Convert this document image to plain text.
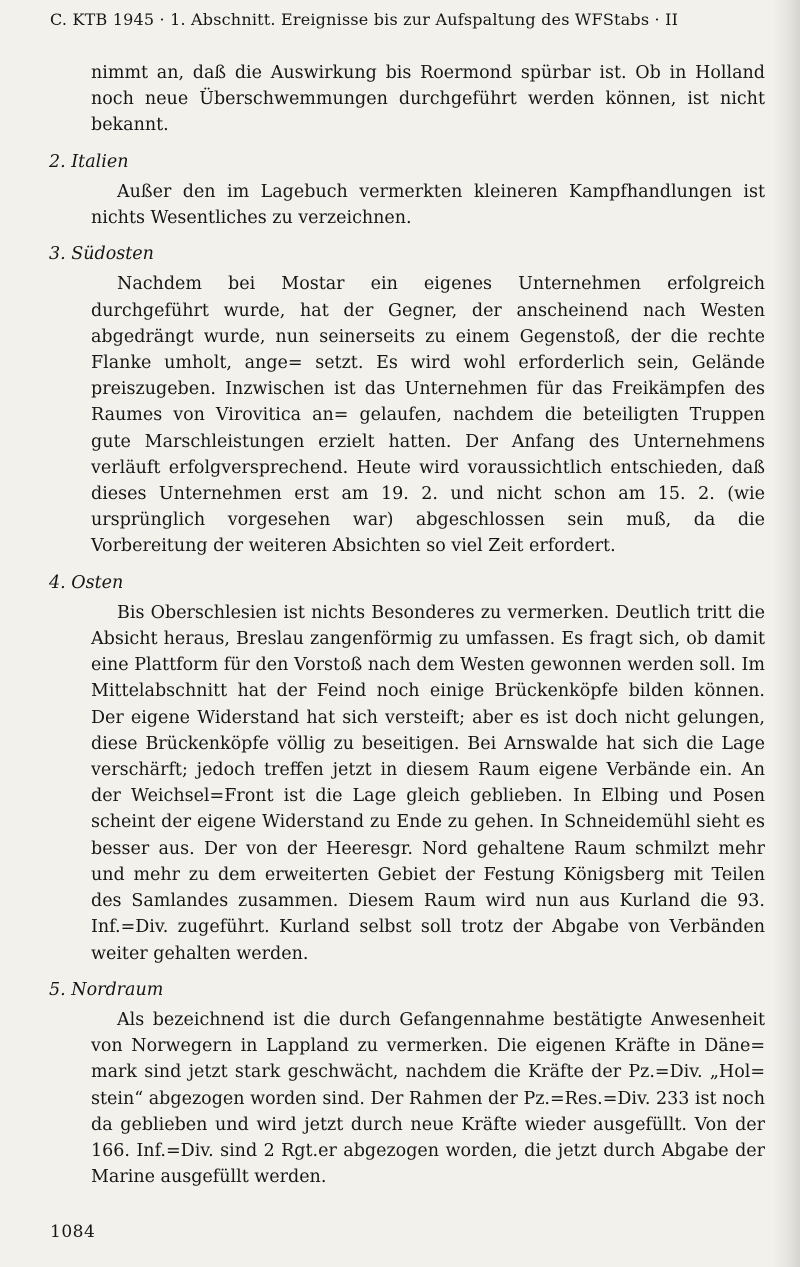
C. KTB 1945 · 1. Abschnitt. Ereignisse bis zur Aufspaltung des WFStabs · II

nimmt an, daß die Auswirkung bis Roermond spürbar ist. Ob in Holland noch neue Überschwemmungen durchgeführt werden können, ist nicht bekannt.

2. Italien

Außer den im Lagebuch vermerkten kleineren Kampfhandlungen ist nichts Wesentliches zu verzeichnen.

3. Südosten

Nachdem bei Mostar ein eigenes Unternehmen erfolgreich durchgeführt wurde, hat der Gegner, der anscheinend nach Westen abgedrängt wurde, nun seinerseits zu einem Gegenstoß, der die rechte Flanke umholt, ange= setzt. Es wird wohl erforderlich sein, Gelände preiszugeben. Inzwischen ist das Unternehmen für das Freikämpfen des Raumes von Virovitica an= gelaufen, nachdem die beteiligten Truppen gute Marschleistungen erzielt hatten. Der Anfang des Unternehmens verläuft erfolgversprechend. Heute wird voraussichtlich entschieden, daß dieses Unternehmen erst am 19. 2. und nicht schon am 15. 2. (wie ursprünglich vorgesehen war) abgeschlossen sein muß, da die Vorbereitung der weiteren Absichten so viel Zeit erfordert.

4. Osten

Bis Oberschlesien ist nichts Besonderes zu vermerken. Deutlich tritt die Absicht heraus, Breslau zangenförmig zu umfassen. Es fragt sich, ob damit eine Plattform für den Vorstoß nach dem Westen gewonnen werden soll. Im Mittelabschnitt hat der Feind noch einige Brückenköpfe bilden können. Der eigene Widerstand hat sich versteift; aber es ist doch nicht gelungen, diese Brückenköpfe völlig zu beseitigen. Bei Arnswalde hat sich die Lage verschärft; jedoch treffen jetzt in diesem Raum eigene Verbände ein. An der Weichsel=Front ist die Lage gleich geblieben. In Elbing und Posen scheint der eigene Widerstand zu Ende zu gehen. In Schneidemühl sieht es besser aus. Der von der Heeresgr. Nord gehaltene Raum schmilzt mehr und mehr zu dem erweiterten Gebiet der Festung Königsberg mit Teilen des Samlandes zusammen. Diesem Raum wird nun aus Kurland die 93. Inf.=Div. zugeführt. Kurland selbst soll trotz der Abgabe von Verbänden weiter gehalten werden.

5. Nordraum

Als bezeichnend ist die durch Gefangennahme bestätigte Anwesenheit von Norwegern in Lappland zu vermerken. Die eigenen Kräfte in Däne= mark sind jetzt stark geschwächt, nachdem die Kräfte der Pz.=Div. „Hol= stein“ abgezogen worden sind. Der Rahmen der Pz.=Res.=Div. 233 ist noch da geblieben und wird jetzt durch neue Kräfte wieder ausgefüllt. Von der 166. Inf.=Div. sind 2 Rgt.er abgezogen worden, die jetzt durch Abgabe der Marine ausgefüllt werden.

1084
